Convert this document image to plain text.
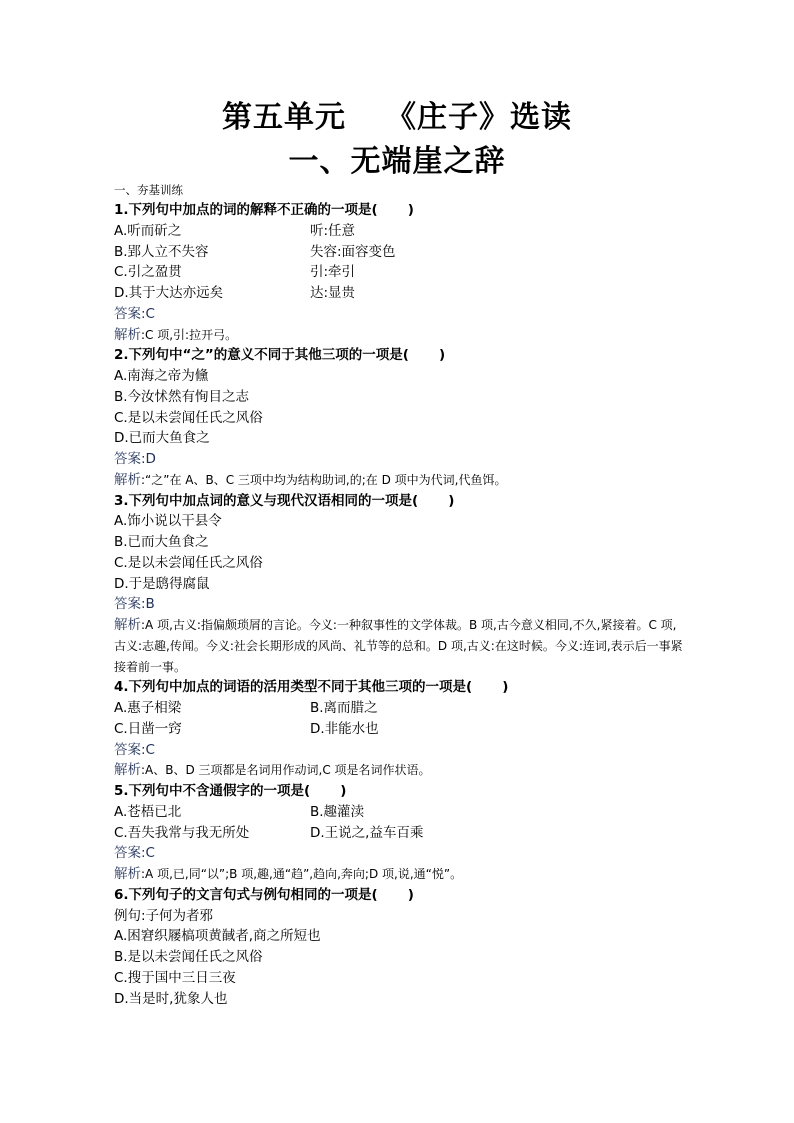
第五单元 《庄子》选读
一、无端崖之辞
一、夯基训练
1.下列句中加点的词的解释不正确的一项是( )
A.听而斫之	听:任意
B.郢人立不失容	失容:面容变色
C.引之盈贯	引:牵引
D.其于大达亦远矣	达:显贵
答案:C
解析:C 项,引:拉开弓。
2.下列句中“之”的意义不同于其他三项的一项是( )
A.南海之帝为儵
B.今汝怵然有恂目之志
C.是以未尝闻任氏之风俗
D.已而大鱼食之
答案:D
解析:“之”在 A、B、C 三项中均为结构助词,的;在 D 项中为代词,代鱼饵。
3.下列句中加点词的意义与现代汉语相同的一项是( )
A.饰小说以干县令
B.已而大鱼食之
C.是以未尝闻任氏之风俗
D.于是鸱得腐鼠
答案:B
解析:A 项,古义:指偏颇琐屑的言论。今义:一种叙事性的文学体裁。B 项,古今意义相同,不久,紧接着。C 项,古义:志趣,传闻。今义:社会长期形成的风尚、礼节等的总和。D 项,古义:在这时候。今义:连词,表示后一事紧接着前一事。
4.下列句中加点的词语的活用类型不同于其他三项的一项是( )
A.惠子相梁	B.离而腊之
C.日凿一窍	D.非能水也
答案:C
解析:A、B、D 三项都是名词用作动词,C 项是名词作状语。
5.下列句中不含通假字的一项是( )
A.苍梧已北	B.趣灌渎
C.吾失我常与我无所处	D.王说之,益车百乘
答案:C
解析:A 项,已,同“以”;B 项,趣,通“趋”,趋向,奔向;D 项,说,通“悦”。
6.下列句子的文言句式与例句相同的一项是( )
例句:子何为者邪
A.困窘织屦槁项黄馘者,商之所短也
B.是以未尝闻任氏之风俗
C.搜于国中三日三夜
D.当是时,犹象人也
